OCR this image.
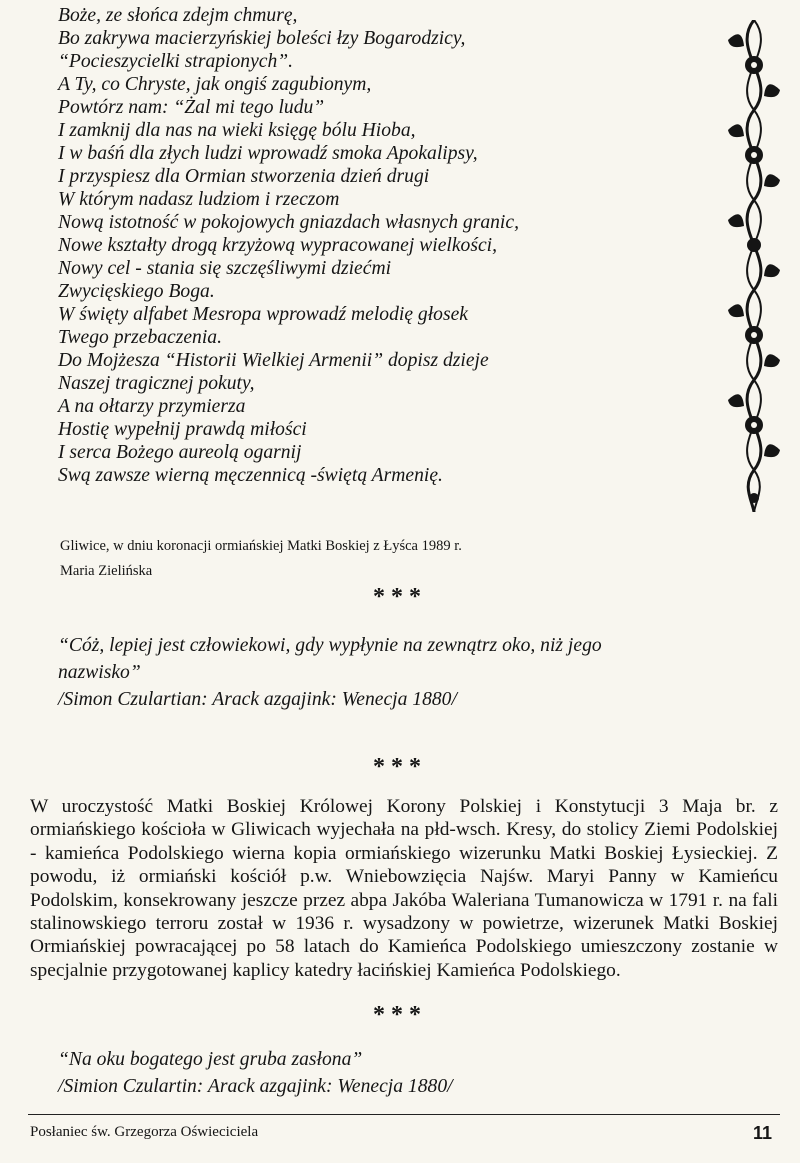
Boże, ze słońca zdejm chmurę,
Bo zakrywa macierzyńskiej boleści łzy Bogarodzicy,
“Pocieszycielki strapionych”.
A Ty, co Chryste, jak ongiś zagubionym,
Powtórz nam: “Żal mi tego ludu”
I zamknij dla nas na wieki księgę bólu Hioba,
I w baśń dla złych ludzi wprowadź smoka Apokalipsy,
I przyspiesz dla Ormian stworzenia dzień drugi
W którym nadasz ludziom i rzeczom
Nową istotność w pokojowych gniazdach własnych granic,
Nowe kształty drogą krzyżową wypracowanej wielkości,
Nowy cel - stania się szczęśliwymi dziećmi
Zwycięskiego Boga.
W święty alfabet Mesropa wprowadź melodię głosek
Twego przebaczenia.
Do Mojżesza “Historii Wielkiej Armenii” dopisz dzieje
Naszej tragicznej pokuty,
A na ołtarzy przymierza
Hostię wypełnij prawdą miłości
I serca Bożego aureolą ogarnij
Swą zawsze wierną męczennicą -świętą Armenię.
Gliwice, w dniu koronacji ormiańskiej Matki Boskiej z Łyśca 1989 r.
Maria Zielińska
***
“Cóż, lepiej jest człowiekowi, gdy wypłynie na zewnątrz oko, niż jego
nazwisko”
/Simon Czulartian: Arack azgajink: Wenecja 1880/
***

W uroczystość Matki Boskiej Królowej Korony Polskiej i Konstytucji 3 Maja br. z ormiańskiego kościoła w Gliwicach wyjechała na płd-wsch. Kresy, do stolicy Ziemi Podolskiej - kamieńca Podolskiego wierna kopia ormiańskiego wizerunku Matki Boskiej Łysieckiej. Z powodu, iż ormiański kościół p.w. Wniebowzięcia Najśw. Maryi Panny w Kamieńcu Podolskim, konsekrowany jeszcze przez abpa Jakóba Waleriana Tumanowicza w 1791 r. na fali stalinowskiego terroru został w 1936 r. wysadzony w powietrze, wizerunek Matki Boskiej Ormiańskiej powracającej po 58 latach do Kamieńca Podolskiego umieszczony zostanie w specjalnie przygotowanej kaplicy katedry łacińskiej Kamieńca Podolskiego.

***
“Na oku bogatego jest gruba zasłona”
/Simion Czulartin: Arack azgajink: Wenecja 1880/
Posłaniec św. Grzegorza Oświeciciela	11
